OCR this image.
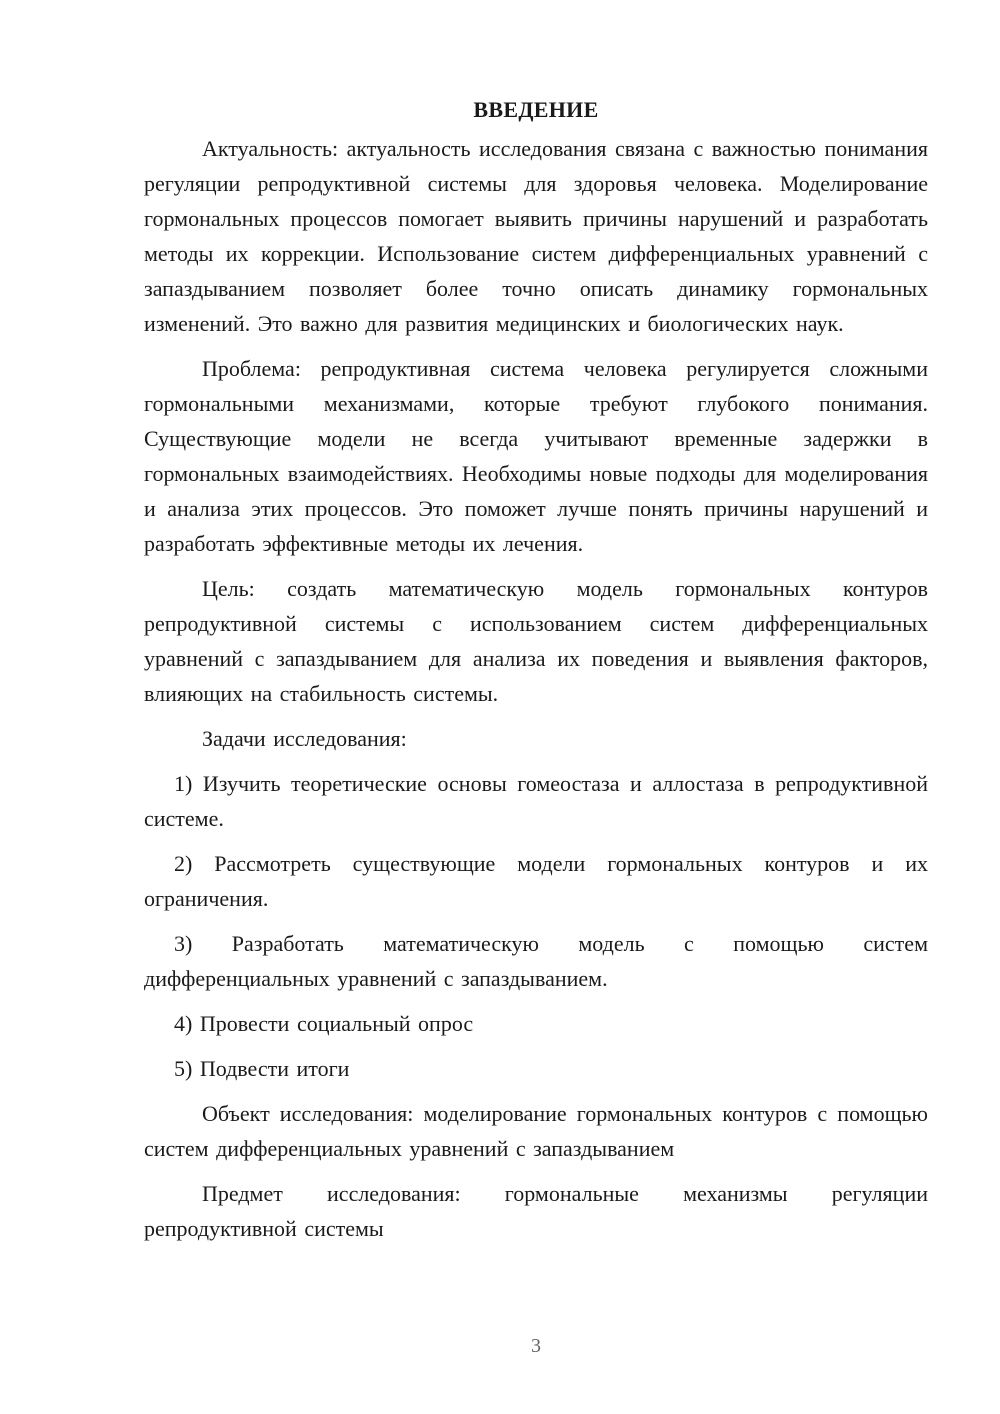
ВВЕДЕНИЕ

Актуальность: актуальность исследования связана с важностью понимания регуляции репродуктивной системы для здоровья человека. Моделирование гормональных процессов помогает выявить причины нарушений и разработать методы их коррекции. Использование систем дифференциальных уравнений с запаздыванием позволяет более точно описать динамику гормональных изменений. Это важно для развития медицинских и биологических наук.

Проблема: репродуктивная система человека регулируется сложными гормональными механизмами, которые требуют глубокого понимания. Существующие модели не всегда учитывают временные задержки в гормональных взаимодействиях. Необходимы новые подходы для моделирования и анализа этих процессов. Это поможет лучше понять причины нарушений и разработать эффективные методы их лечения.

Цель: создать математическую модель гормональных контуров репродуктивной системы с использованием систем дифференциальных уравнений с запаздыванием для анализа их поведения и выявления факторов, влияющих на стабильность системы.

Задачи исследования:

1) Изучить теоретические основы гомеостаза и аллостаза в репродуктивной системе.

2) Рассмотреть существующие модели гормональных контуров и их ограничения.

3) Разработать математическую модель с помощью систем дифференциальных уравнений с запаздыванием.

4) Провести социальный опрос

5) Подвести итоги

Объект исследования: моделирование гормональных контуров с помощью систем дифференциальных уравнений с запаздыванием

Предмет исследования: гормональные механизмы регуляции репродуктивной системы

3
